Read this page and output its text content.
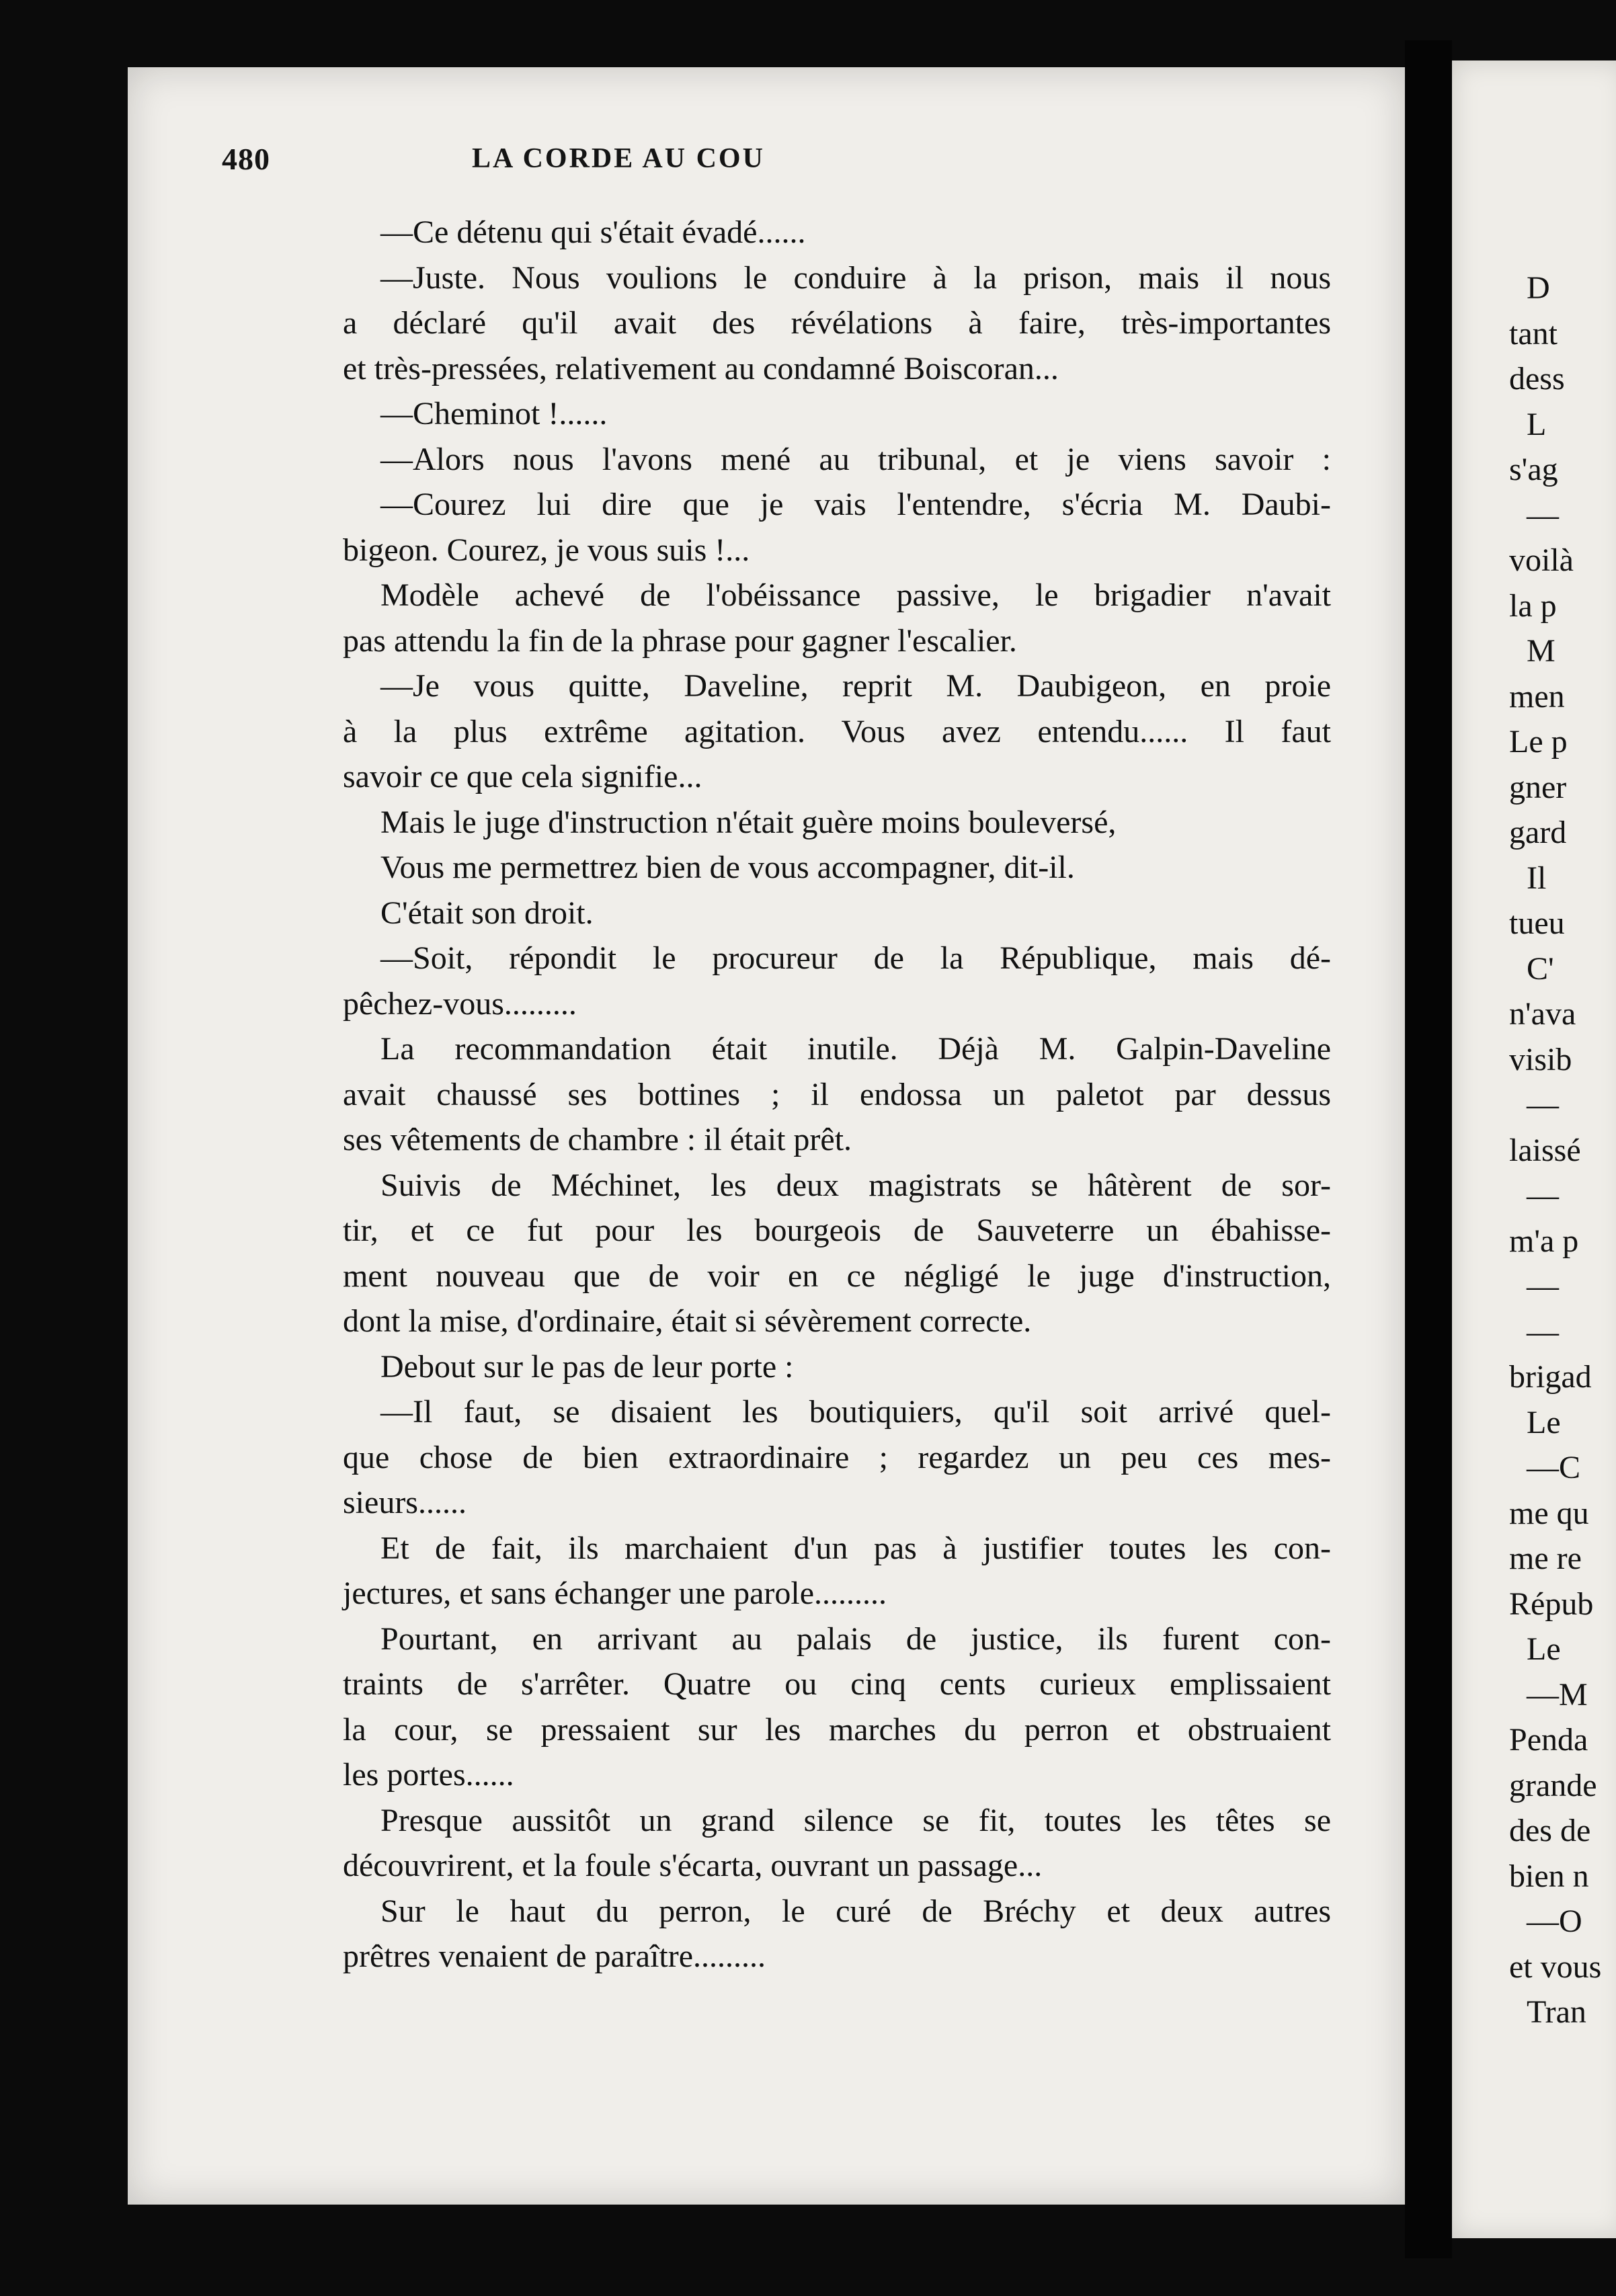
480	LA CORDE AU COU
—Ce détenu qui s'était évadé......
—Juste. Nous voulions le conduire à la prison, mais il nous
a déclaré qu'il avait des révélations à faire, très-importantes
et très-pressées, relativement au condamné Boiscoran...
—Cheminot !......
—Alors nous l'avons mené au tribunal, et je viens savoir :
—Courez lui dire que je vais l'entendre, s'écria M. Daubi-
bigeon. Courez, je vous suis !...
Modèle achevé de l'obéissance passive, le brigadier n'avait
pas attendu la fin de la phrase pour gagner l'escalier.
—Je vous quitte, Daveline, reprit M. Daubigeon, en proie
à la plus extrême agitation. Vous avez entendu...... Il faut
savoir ce que cela signifie...
Mais le juge d'instruction n'était guère moins bouleversé,
Vous me permettrez bien de vous accompagner, dit-il.
C'était son droit.
—Soit, répondit le procureur de la République, mais dé-
pêchez-vous.........
La recommandation était inutile. Déjà M. Galpin-Daveline
avait chaussé ses bottines ; il endossa un paletot par dessus
ses vêtements de chambre : il était prêt.
Suivis de Méchinet, les deux magistrats se hâtèrent de sor-
tir, et ce fut pour les bourgeois de Sauveterre un ébahisse-
ment nouveau que de voir en ce négligé le juge d'instruction,
dont la mise, d'ordinaire, était si sévèrement correcte.
Debout sur le pas de leur porte :
—Il faut, se disaient les boutiquiers, qu'il soit arrivé quel-
que chose de bien extraordinaire ; regardez un peu ces mes-
sieurs......
Et de fait, ils marchaient d'un pas à justifier toutes les con-
jectures, et sans échanger une parole.........
Pourtant, en arrivant au palais de justice, ils furent con-
traints de s'arrêter. Quatre ou cinq cents curieux emplissaient
la cour, se pressaient sur les marches du perron et obstruaient
les portes......
Presque aussitôt un grand silence se fit, toutes les têtes se
découvrirent, et la foule s'écarta, ouvrant un passage...
Sur le haut du perron, le curé de Bréchy et deux autres
prêtres venaient de paraître.........
D
tant
dess
L
s'ag
—
voilà
la p
M
men
Le p
gner
gard
Il
tueu
C'
n'ava
visib
—
laissé
—
m'a p
—
—
brigad
Le
—C
me qu
me re
Répub
Le
—M
Penda
grande
des de
bien n
—O
et vous
Tran
